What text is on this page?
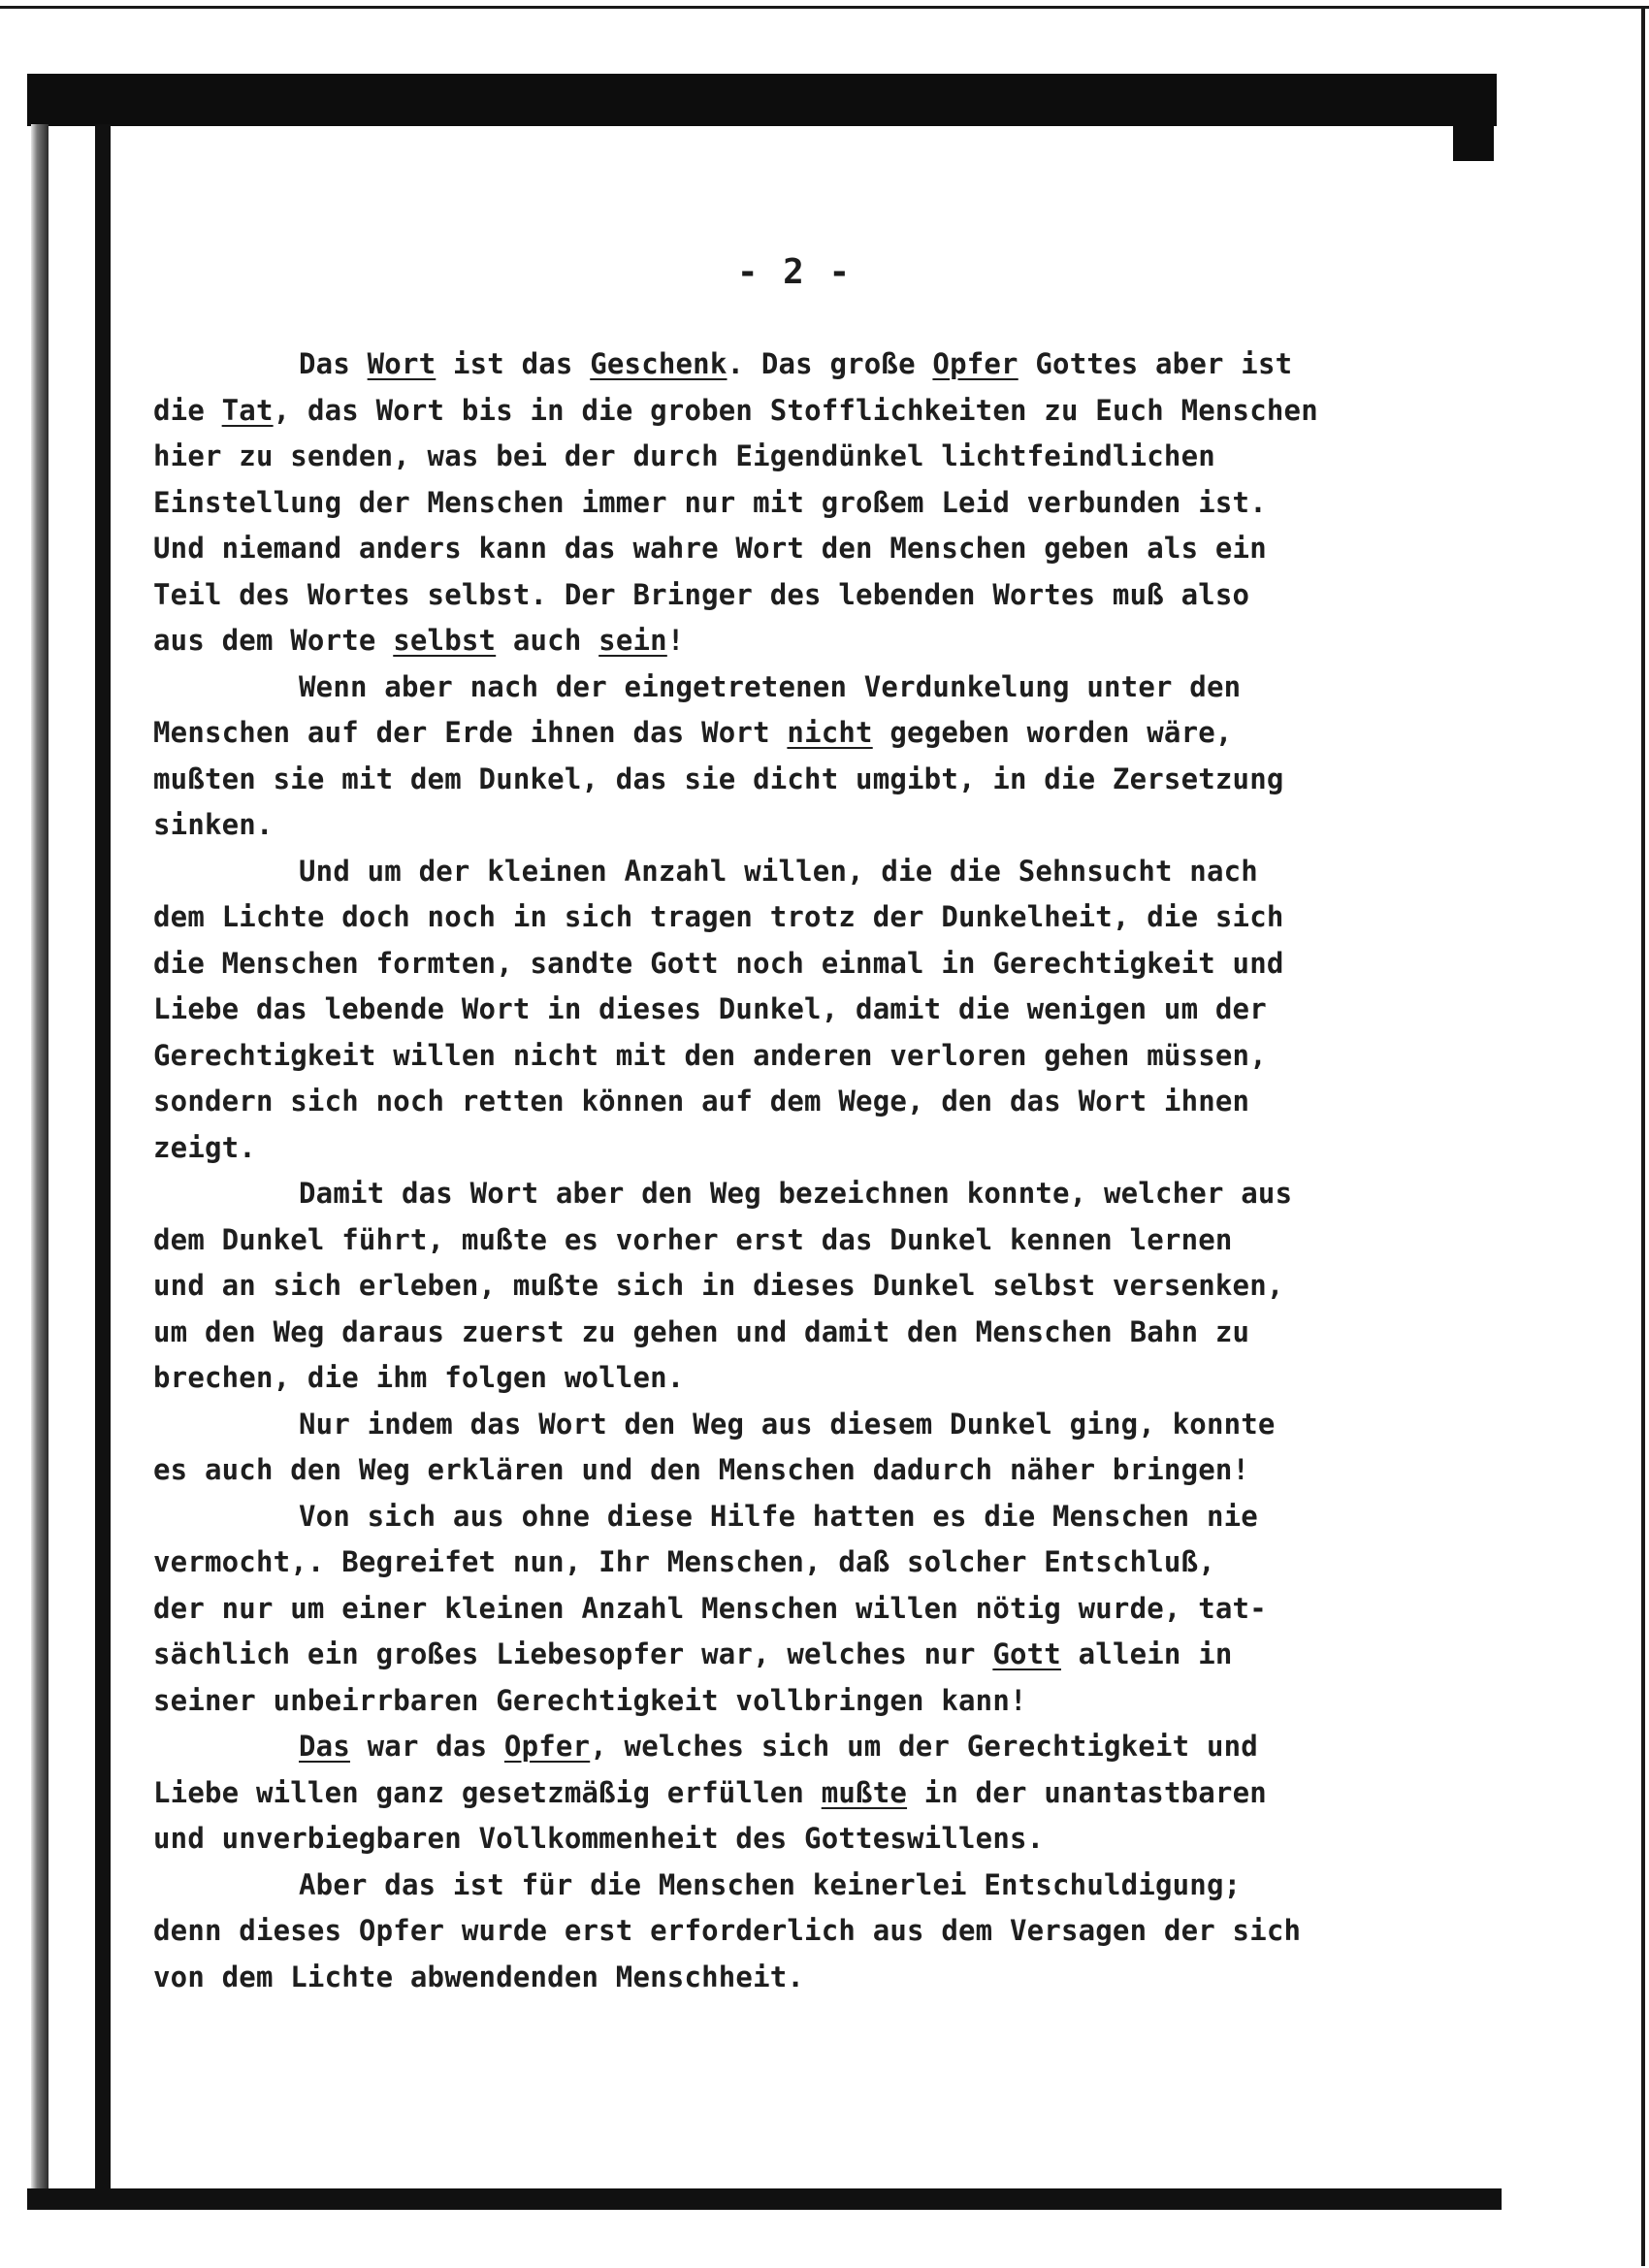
- 2 -
Das Wort ist das Geschenk. Das große Opfer Gottes aber ist
die Tat, das Wort bis in die groben Stofflichkeiten zu Euch Menschen
hier zu senden, was bei der durch Eigendünkel lichtfeindlichen
Einstellung der Menschen immer nur mit großem Leid verbunden ist.
Und niemand anders kann das wahre Wort den Menschen geben als ein
Teil des Wortes selbst. Der Bringer des lebenden Wortes muß also
aus dem Worte selbst auch sein!
Wenn aber nach der eingetretenen Verdunkelung unter den
Menschen auf der Erde ihnen das Wort nicht gegeben worden wäre,
mußten sie mit dem Dunkel, das sie dicht umgibt, in die Zersetzung
sinken.
Und um der kleinen Anzahl willen, die die Sehnsucht nach
dem Lichte doch noch in sich tragen trotz der Dunkelheit, die sich
die Menschen formten, sandte Gott noch einmal in Gerechtigkeit und
Liebe das lebende Wort in dieses Dunkel, damit die wenigen um der
Gerechtigkeit willen nicht mit den anderen verloren gehen müssen,
sondern sich noch retten können auf dem Wege, den das Wort ihnen
zeigt.
Damit das Wort aber den Weg bezeichnen konnte, welcher aus
dem Dunkel führt, mußte es vorher erst das Dunkel kennen lernen
und an sich erleben, mußte sich in dieses Dunkel selbst versenken,
um den Weg daraus zuerst zu gehen und damit den Menschen Bahn zu
brechen, die ihm folgen wollen.
Nur indem das Wort den Weg aus diesem Dunkel ging, konnte
es auch den Weg erklären und den Menschen dadurch näher bringen!
Von sich aus ohne diese Hilfe hatten es die Menschen nie
vermocht,. Begreifet nun, Ihr Menschen, daß solcher Entschluß,
der nur um einer kleinen Anzahl Menschen willen nötig wurde, tat-
sächlich ein großes Liebesopfer war, welches nur Gott allein in
seiner unbeirrbaren Gerechtigkeit vollbringen kann!
Das war das Opfer, welches sich um der Gerechtigkeit und
Liebe willen ganz gesetzmäßig erfüllen mußte in der unantastbaren
und unverbiegbaren Vollkommenheit des Gotteswillens.
Aber das ist für die Menschen keinerlei Entschuldigung;
denn dieses Opfer wurde erst erforderlich aus dem Versagen der sich
von dem Lichte abwendenden Menschheit.
